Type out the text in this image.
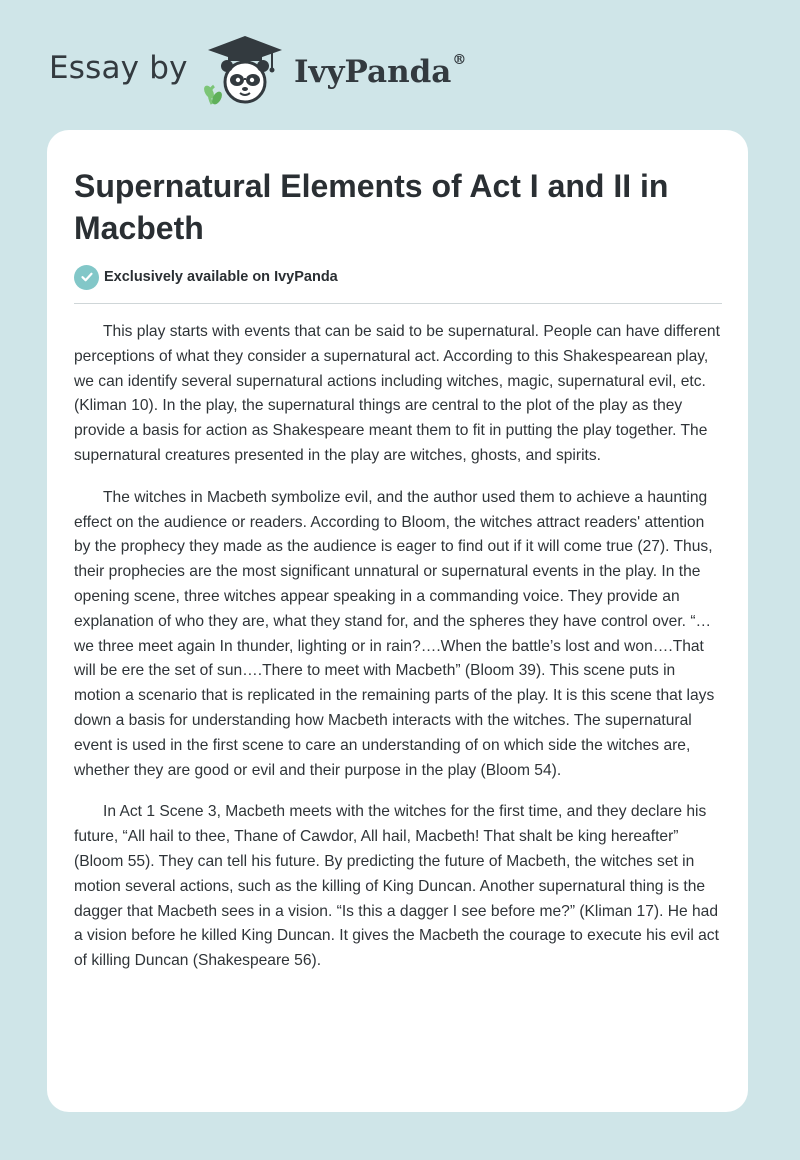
Essay by	IvyPanda®
Supernatural Elements of Act I and II in Macbeth
Exclusively available on IvyPanda

This play starts with events that can be said to be supernatural. People can have different perceptions of what they consider a supernatural act. According to this Shakespearean play, we can identify several supernatural actions including witches, magic, supernatural evil, etc. (Kliman 10). In the play, the supernatural things are central to the plot of the play as they provide a basis for action as Shakespeare meant them to fit in putting the play together. The supernatural creatures presented in the play are witches, ghosts, and spirits.

The witches in Macbeth symbolize evil, and the author used them to achieve a haunting effect on the audience or readers. According to Bloom, the witches attract readers' attention by the prophecy they made as the audience is eager to find out if it will come true (27). Thus, their prophecies are the most significant unnatural or supernatural events in the play. In the opening scene, three witches appear speaking in a commanding voice. They provide an explanation of who they are, what they stand for, and the spheres they have control over. “…we three meet again In thunder, lighting or in rain?….When the battle’s lost and won….That will be ere the set of sun….There to meet with Macbeth” (Bloom 39). This scene puts in motion a scenario that is replicated in the remaining parts of the play. It is this scene that lays down a basis for understanding how Macbeth interacts with the witches. The supernatural event is used in the first scene to care an understanding of on which side the witches are, whether they are good or evil and their purpose in the play (Bloom 54).

In Act 1 Scene 3, Macbeth meets with the witches for the first time, and they declare his future, “All hail to thee, Thane of Cawdor, All hail, Macbeth! That shalt be king hereafter” (Bloom 55). They can tell his future. By predicting the future of Macbeth, the witches set in motion several actions, such as the killing of King Duncan. Another supernatural thing is the dagger that Macbeth sees in a vision. “Is this a dagger I see before me?” (Kliman 17). He had a vision before he killed King Duncan. It gives the Macbeth the courage to execute his evil act of killing Duncan (Shakespeare 56).
